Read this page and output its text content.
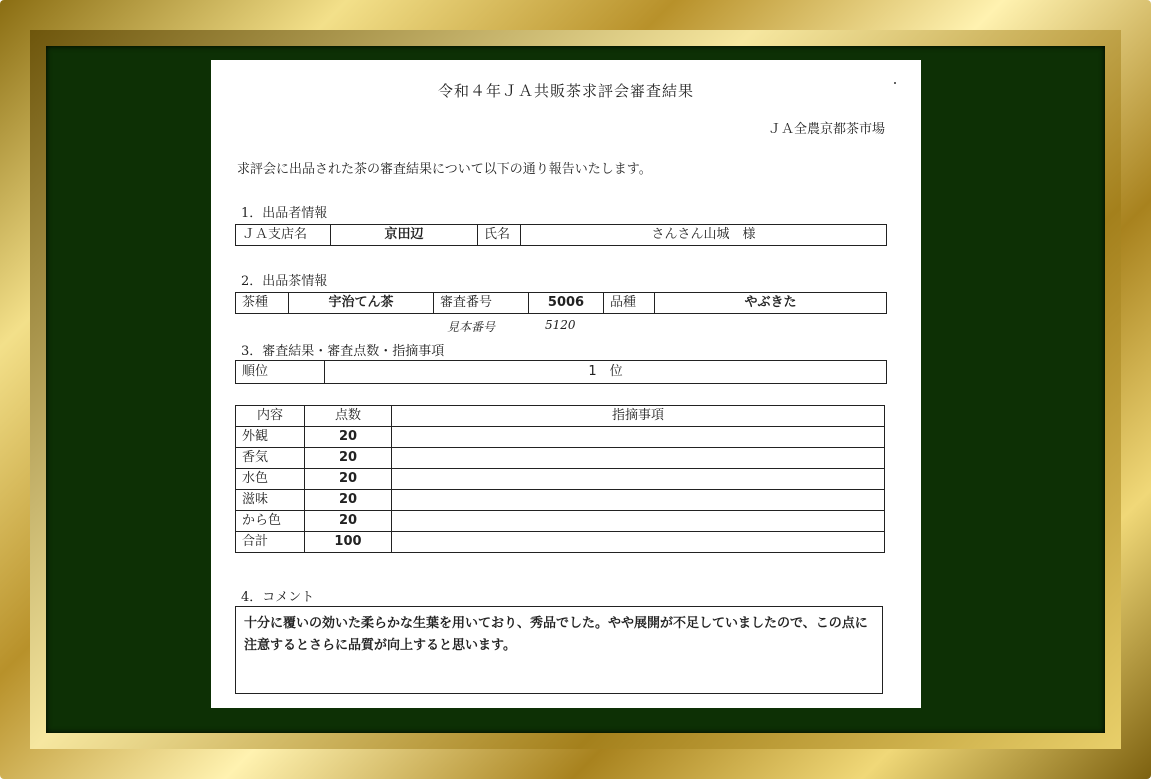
令和４年ＪＡ共販茶求評会審査結果
ＪＡ全農京都茶市場
求評会に出品された茶の審査結果について以下の通り報告いたします。
1．出品者情報
ＪＡ支店名	京田辺	氏名	さんさん山城　様
2．出品茶情報
茶種	宇治てん茶	審査番号	5006	品種	やぶきた
見本番号	5120
3．審査結果・審査点数・指摘事項
順位	1　位
内容	点数	指摘事項
外観	20	
香気	20	
水色	20	
滋味	20	
から色	20	
合計	100	
4．コメント
十分に覆いの効いた柔らかな生葉を用いており、秀品でした。やや展開が不足していましたので、この点に注意するとさらに品質が向上すると思います。
